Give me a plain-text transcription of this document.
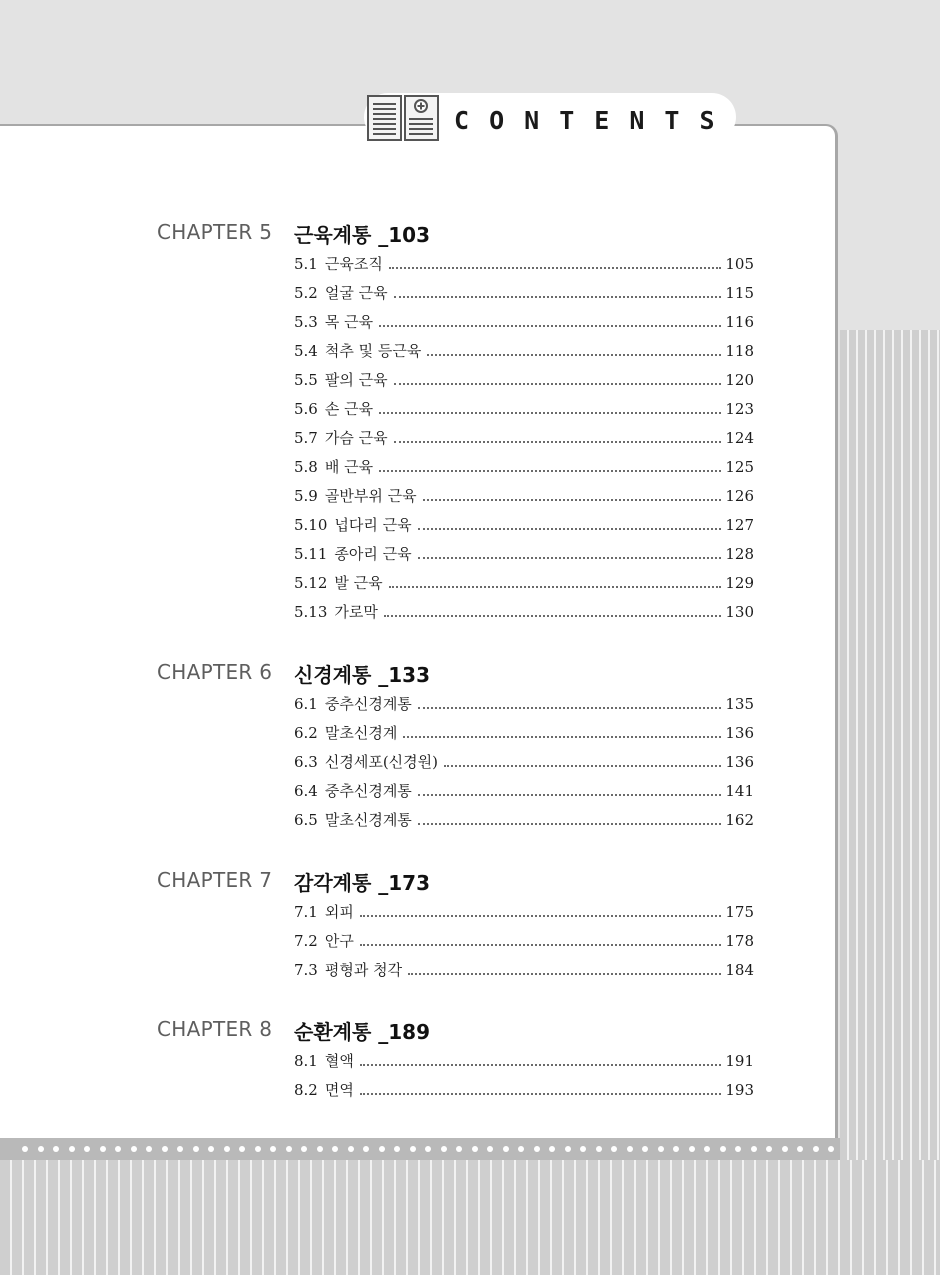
CONTENTS
CHAPTER 5 근육계통 _103
5.1 근육조직	105
5.2 얼굴 근육	115
5.3 목 근육	116
5.4 척추 및 등근육	118
5.5 팔의 근육	120
5.6 손 근육	123
5.7 가슴 근육	124
5.8 배 근육	125
5.9 골반부위 근육	126
5.10 넙다리 근육	127
5.11 종아리 근육	128
5.12 발 근육	129
5.13 가로막	130
CHAPTER 6 신경계통 _133
6.1 중추신경계통	135
6.2 말초신경계	136
6.3 신경세포(신경원)	136
6.4 중추신경계통	141
6.5 말초신경계통	162
CHAPTER 7 감각계통 _173
7.1 외피	175
7.2 안구	178
7.3 평형과 청각	184
CHAPTER 8 순환계통 _189
8.1 혈액	191
8.2 면역	193
